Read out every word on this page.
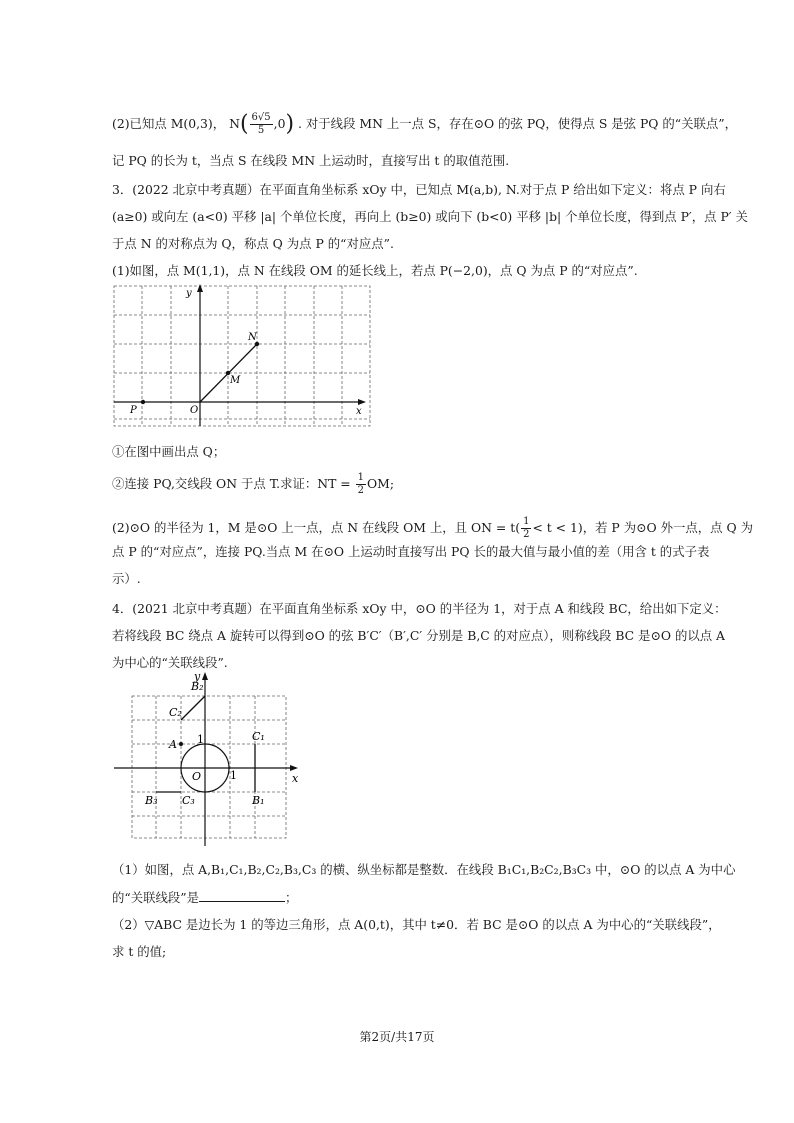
(2)已知点 M(0,3)， $N( \frac{6√5}{5} ,0)$ . 对于线段 MN 上一点 S，存在⊙O 的弦 PQ，使得点 S 是弦 PQ 的“关联点”，
记 PQ 的长为 t，当点 S 在线段 MN 上运动时，直接写出 t 的取值范围.
3．(2022 北京中考真题）在平面直角坐标系 xOy 中，已知点 M(a,b), N.对于点 P 给出如下定义：将点 P 向右
(a≥0) 或向左 (a<0) 平移 |a| 个单位长度，再向上 (b≥0) 或向下 (b<0) 平移 |b| 个单位长度，得到点 P′，点 P′ 关
于点 N 的对称点为 Q，称点 Q 为点 P 的“对应点”.
(1)如图，点 M(1,1)，点 N 在线段 OM 的延长线上，若点 P(−2,0)，点 Q 为点 P 的“对应点”.
y
x
O
P
M
N
①在图中画出点 Q；
②连接 PQ,交线段 ON 于点 T.求证：NT = $\frac{1}{2}$ OM;
(2)⊙O 的半径为 1，M 是⊙O 上一点，点 N 在线段 OM 上，且 ON = $t( \frac{1}{2} < t < 1)$，若 P 为⊙O 外一点，点 Q 为
点 P 的“对应点”，连接 PQ.当点 M 在⊙O 上运动时直接写出 PQ 长的最大值与最小值的差（用含 t 的式子表
示）.
4．(2021 北京中考真题）在平面直角坐标系 xOy 中，⊙O 的半径为 1，对于点 A 和线段 BC，给出如下定义：
若将线段 BC 绕点 A 旋转可以得到⊙O 的弦 B′C′（B′,C′ 分别是 B,C 的对应点），则称线段 BC 是⊙O 的以点 A
为中心的“关联线段”.
y
x
O	1
1
A
B₂
C₂
C₁
B₁
B₃ C₃
（1）如图，点 A,B₁,C₁,B₂,C₂,B₃,C₃ 的横、纵坐标都是整数．在线段 B₁C₁,B₂C₂,B₃C₃ 中，⊙O 的以点 A 为中心
的“关联线段”是	；
（2）▽ABC 是边长为 1 的等边三角形，点 A(0,t)，其中 t≠0．若 BC 是⊙O 的以点 A 为中心的“关联线段”，
求 t 的值;
第2页/共17页
